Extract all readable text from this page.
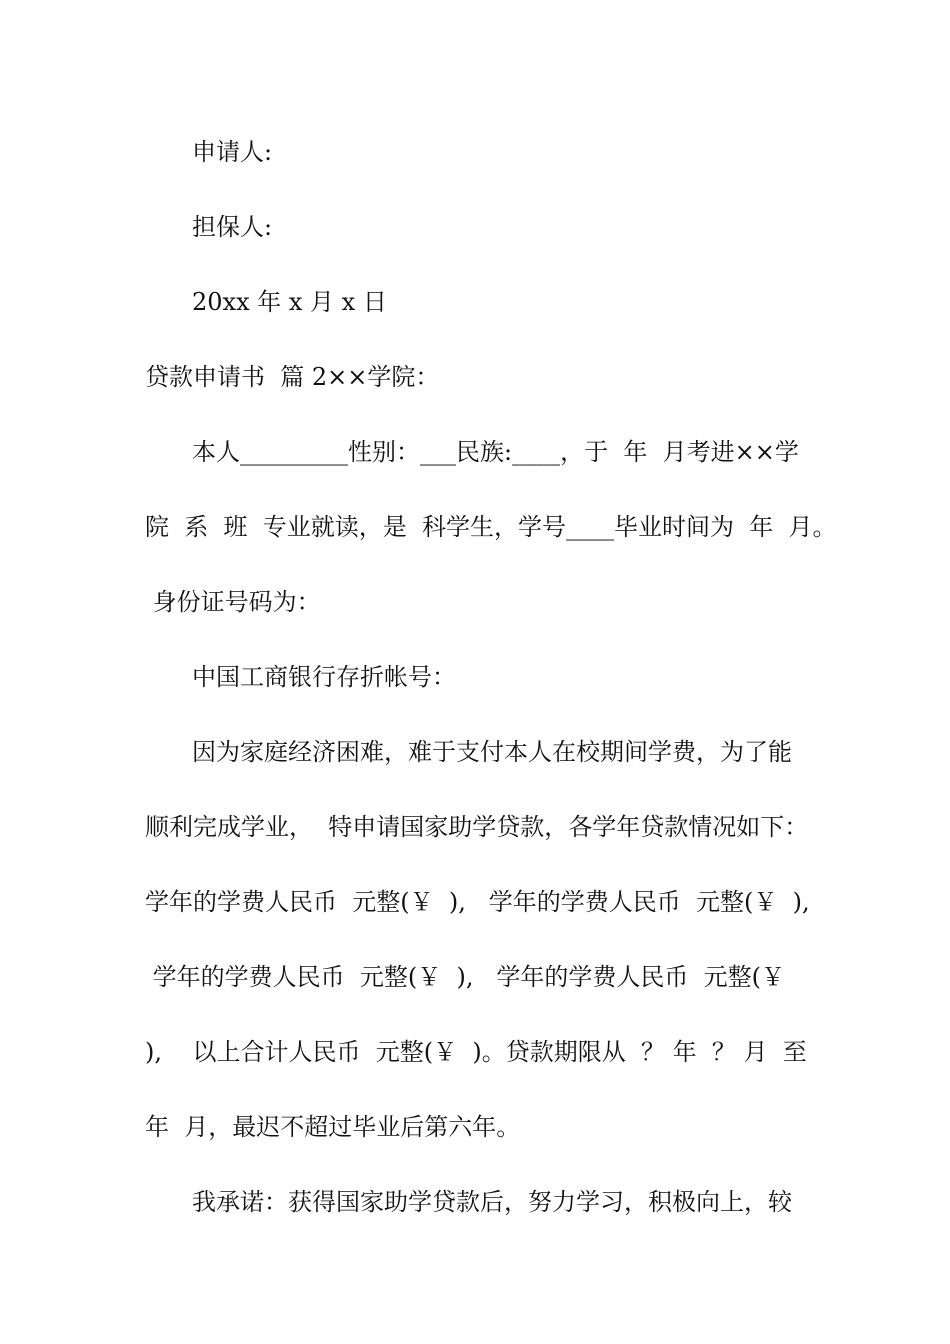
申请人:
担保人:
20xx 年 x 月 x 日
贷款申请书  篇 2××学院：
本人_________性别：___民族:____，于  年  月考进××学
院  系  班  专业就读，是  科学生，学号____毕业时间为  年  月。
身份证号码为：
中国工商银行存折帐号：
因为家庭经济困难，难于支付本人在校期间学费，为了能
顺利完成学业，  特申请国家助学贷款，各学年贷款情况如下：
学年的学费人民币  元整(￥  ),   学年的学费人民币  元整(￥  ),
学年的学费人民币  元整(￥  ),   学年的学费人民币  元整(￥
),    以上合计人民币  元整(￥  )。贷款期限从  ？ 年  ？ 月  至
年  月，最迟不超过毕业后第六年。
我承诺：获得国家助学贷款后，努力学习，积极向上，较
